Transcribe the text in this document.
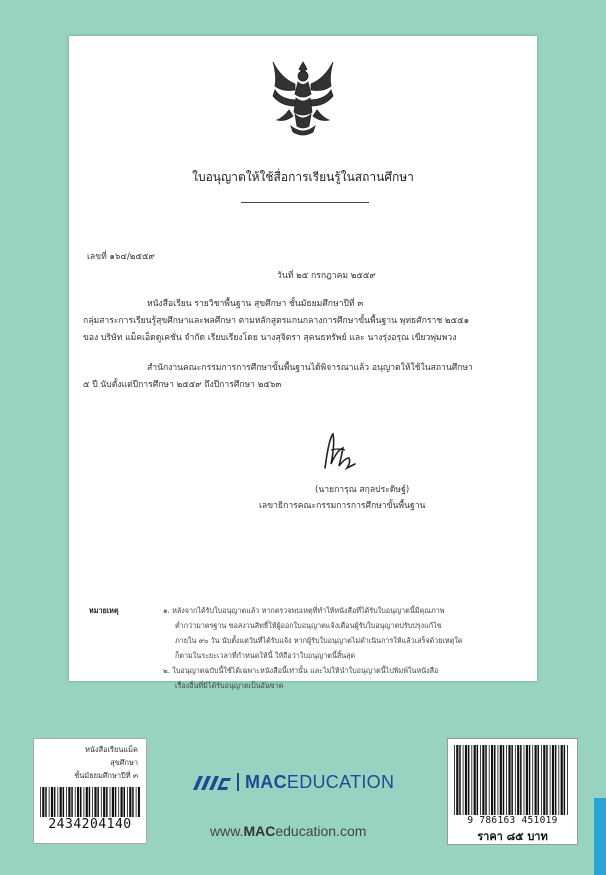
ใบอนุญาตให้ใช้สื่อการเรียนรู้ในสถานศึกษา
เลขที่ ๑๖๔/๒๕๕๙
วันที่ ๒๕ กรกฎาคม ๒๕๕๙
หนังสือเรียน รายวิชาพื้นฐาน สุขศึกษา ชั้นมัธยมศึกษาปีที่ ๓
กลุ่มสาระการเรียนรู้สุขศึกษาและพลศึกษา ตามหลักสูตรแกนกลางการศึกษาขั้นพื้นฐาน พุทธศักราช ๒๕๕๑
ของ บริษัท แม็คเอ็ดดูเคชั่น จำกัด เรียบเรียงโดย นางสุจิตรา สุคนธทรัพย์ และ นางรุ่งอรุณ เขียวพุ่มพวง
สำนักงานคณะกรรมการการศึกษาขั้นพื้นฐานได้พิจารณาแล้ว อนุญาตให้ใช้ในสถานศึกษา
๕ ปี นับตั้งแต่ปีการศึกษา ๒๕๕๙ ถึงปีการศึกษา ๒๕๖๓
(นายการุณ สกุลประดิษฐ์)
เลขาธิการคณะกรรมการการศึกษาขั้นพื้นฐาน
หมายเหตุ	๑. หลังจากได้รับใบอนุญาตแล้ว หากตรวจพบเหตุที่ทำให้หนังสือที่ได้รับใบอนุญาตนี้มีคุณภาพ
ต่ำกว่ามาตรฐาน ขอสงวนสิทธิ์ให้ผู้ออกใบอนุญาตแจ้งเตือนผู้รับใบอนุญาตปรับปรุงแก้ไข
ภายใน ๙๐ วัน นับตั้งแต่วันที่ได้รับแจ้ง หากผู้รับใบอนุญาตไม่ดำเนินการให้แล้วเสร็จด้วยเหตุใด
ก็ตามในระยะเวลาที่กำหนดให้นี้ ให้ถือว่าใบอนุญาตนี้สิ้นสุด
๒. ใบอนุญาตฉบับนี้ใช้ได้เฉพาะหนังสือนี้เท่านั้น และไม่ให้นำใบอนุญาตนี้ไปพิมพ์ในหนังสือ
เรื่องอื่นที่มิได้รับอนุญาตเป็นอันขาด
หนังสือเรียนแม็ค
สุขศึกษา
ชั้นมัธยมศึกษาปีที่ ๓
2434204140
MACEDUCATION
www.MACeducation.com
9 786163 451019
ราคา ๘๕ บาท
